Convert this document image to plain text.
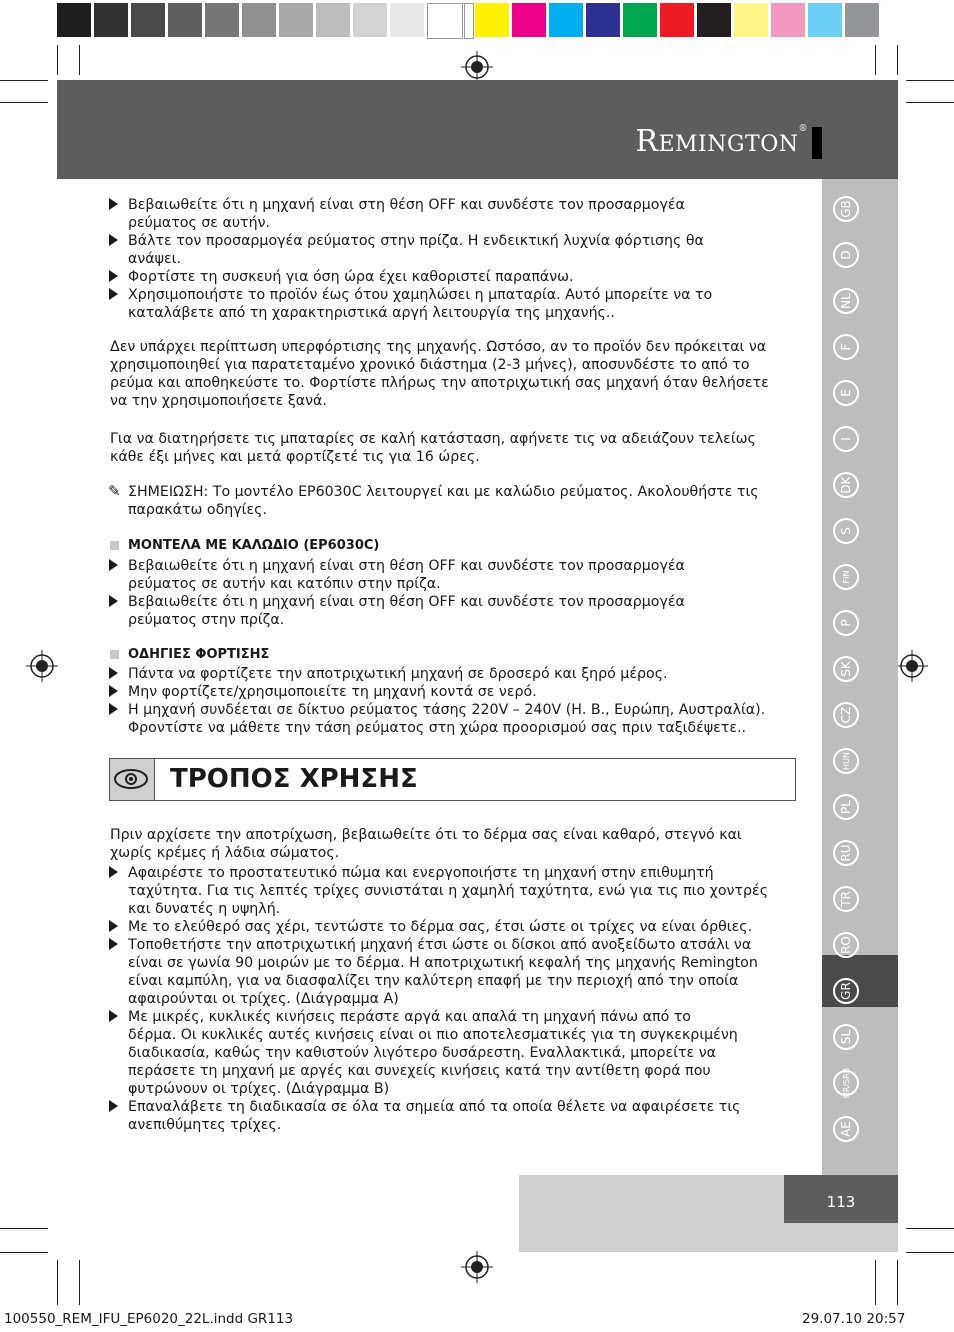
REMINGTON®
GB
D
NL
F
E
I
DK
S
FIN
P
SK
CZ
HUN
PL
RU
TR
RO
GR
SL
HR/SRB
AE
113
Βεβαιωθείτε ότι η μηχανή είναι στη θέση OFF και συνδέστε τον προσαρμογέα
ρεύματος σε αυτήν.
Βάλτε τον προσαρμογέα ρεύματος στην πρίζα. Η ενδεικτική λυχνία φόρτισης θα
ανάψει.
Φορτίστε τη συσκευή για όση ώρα έχει καθοριστεί παραπάνω.
Χρησιμοποιήστε το προϊόν έως ότου χαμηλώσει η μπαταρία. Αυτό μπορείτε να το
καταλάβετε από τη χαρακτηριστικά αργή λειτουργία της μηχανής..
Δεν υπάρχει περίπτωση υπερφόρτισης της μηχανής. Ωστόσο, αν το προϊόν δεν πρόκειται να
χρησιμοποιηθεί για παρατεταμένο χρονικό διάστημα (2-3 μήνες), αποσυνδέστε το από το
ρεύμα και αποθηκεύστε το. Φορτίστε πλήρως την αποτριχωτική σας μηχανή όταν θελήσετε
να την χρησιμοποιήσετε ξανά.
Για να διατηρήσετε τις μπαταρίες σε καλή κατάσταση, αφήνετε τις να αδειάζουν τελείως
κάθε έξι μήνες και μετά φορτίζετέ τις για 16 ώρες.
✎ ΣΗΜΕΙΩΣΗ: Το μοντέλο EP6030C λειτουργεί και με καλώδιο ρεύματος. Ακολουθήστε τις
παρακάτω οδηγίες.
ΜΟΝΤΕΛΑ ΜΕ ΚΑΛΩΔΙΟ (EP6030C)
Βεβαιωθείτε ότι η μηχανή είναι στη θέση OFF και συνδέστε τον προσαρμογέα
ρεύματος σε αυτήν και κατόπιν στην πρίζα.
Βεβαιωθείτε ότι η μηχανή είναι στη θέση OFF και συνδέστε τον προσαρμογέα
ρεύματος στην πρίζα.
ΟΔΗΓΙΕΣ ΦΟΡΤΙΣΗΣ
Πάντα να φορτίζετε την αποτριχωτική μηχανή σε δροσερό και ξηρό μέρος.
Μην φορτίζετε/χρησιμοποιείτε τη μηχανή κοντά σε νερό.
Η μηχανή συνδέεται σε δίκτυο ρεύματος τάσης 220V – 240V (Η. Β., Ευρώπη, Αυστραλία).
Φροντίστε να μάθετε την τάση ρεύματος στη χώρα προορισμού σας πριν ταξιδέψετε..
ΤΡΟΠΟΣ ΧΡΗΣΗΣ
Πριν αρχίσετε την αποτρίχωση, βεβαιωθείτε ότι το δέρμα σας είναι καθαρό, στεγνό και
χωρίς κρέμες ή λάδια σώματος.
Αφαιρέστε το προστατευτικό πώμα και ενεργοποιήστε τη μηχανή στην επιθυμητή
ταχύτητα. Για τις λεπτές τρίχες συνιστάται η χαμηλή ταχύτητα, ενώ για τις πιο χοντρές
και δυνατές η υψηλή.
Με το ελεύθερό σας χέρι, τεντώστε το δέρμα σας, έτσι ώστε οι τρίχες να είναι όρθιες.
Τοποθετήστε την αποτριχωτική μηχανή έτσι ώστε οι δίσκοι από ανοξείδωτο ατσάλι να
είναι σε γωνία 90 μοιρών με το δέρμα. Η αποτριχωτική κεφαλή της μηχανής Remington
είναι καμπύλη, για να διασφαλίζει την καλύτερη επαφή με την περιοχή από την οποία
αφαιρούνται οι τρίχες. (Διάγραμμα A)
Με μικρές, κυκλικές κινήσεις περάστε αργά και απαλά τη μηχανή πάνω από το
δέρμα. Οι κυκλικές αυτές κινήσεις είναι οι πιο αποτελεσματικές για τη συγκεκριμένη
διαδικασία, καθώς την καθιστούν λιγότερο δυσάρεστη. Εναλλακτικά, μπορείτε να
περάσετε τη μηχανή με αργές και συνεχείς κινήσεις κατά την αντίθετη φορά που
φυτρώνουν οι τρίχες. (Διάγραμμα B)
Επαναλάβετε τη διαδικασία σε όλα τα σημεία από τα οποία θέλετε να αφαιρέσετε τις
ανεπιθύμητες τρίχες.
100550_REM_IFU_EP6020_22L.indd GR113	29.07.10 20:57
